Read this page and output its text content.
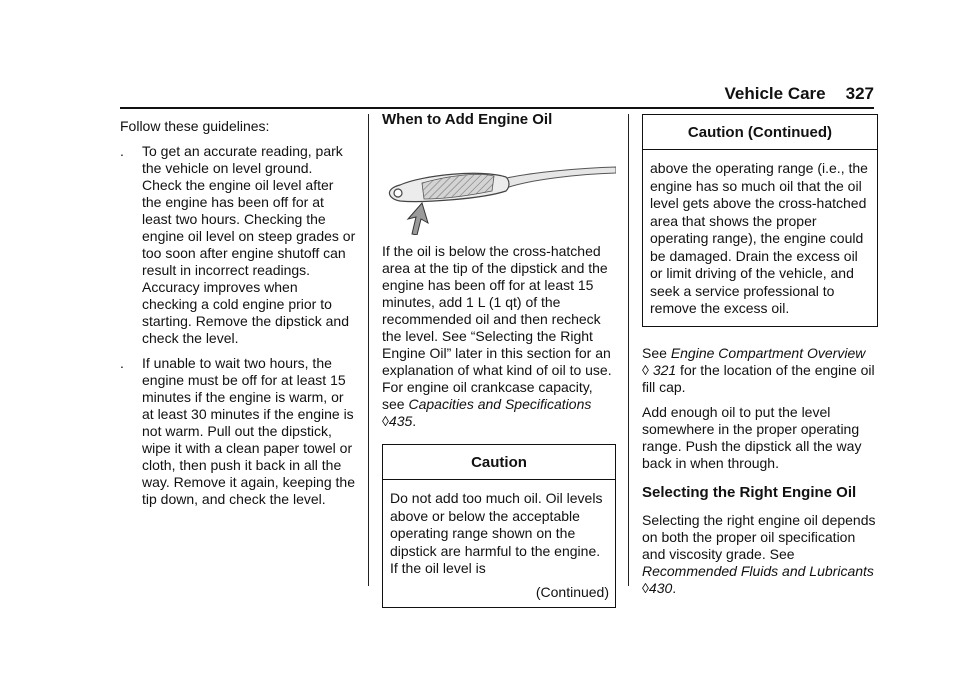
Vehicle Care 327

Follow these guidelines:

.	To get an accurate reading, park the vehicle on level ground. Check the engine oil level after the engine has been off for at least two hours. Checking the engine oil level on steep grades or too soon after engine shutoff can result in incorrect readings. Accuracy improves when checking a cold engine prior to starting. Remove the dipstick and check the level.
.	If unable to wait two hours, the engine must be off for at least 15 minutes if the engine is warm, or at least 30 minutes if the engine is not warm. Pull out the dipstick, wipe it with a clean paper towel or cloth, then push it back in all the way. Remove it again, keeping the tip down, and check the level.
When to Add Engine Oil

If the oil is below the cross-hatched area at the tip of the dipstick and the engine has been off for at least 15 minutes, add 1 L (1 qt) of the recommended oil and then recheck the level. See “Selecting the Right Engine Oil” later in this section for an explanation of what kind of oil to use. For engine oil crankcase capacity, see Capacities and Specifications ◊435.

Caution
Do not add too much oil. Oil levels above or below the acceptable operating range shown on the dipstick are harmful to the engine. If the oil level is
(Continued)
Caution (Continued)
above the operating range (i.e., the engine has so much oil that the oil level gets above the cross-hatched area that shows the proper operating range), the engine could be damaged. Drain the excess oil or limit driving of the vehicle, and seek a service professional to remove the excess oil.

See Engine Compartment Overview
◊ 321 for the location of the engine oil fill cap.

Add enough oil to put the level somewhere in the proper operating range. Push the dipstick all the way back in when through.

Selecting the Right Engine Oil

Selecting the right engine oil depends on both the proper oil specification and viscosity grade. See Recommended Fluids and Lubricants ◊430.
